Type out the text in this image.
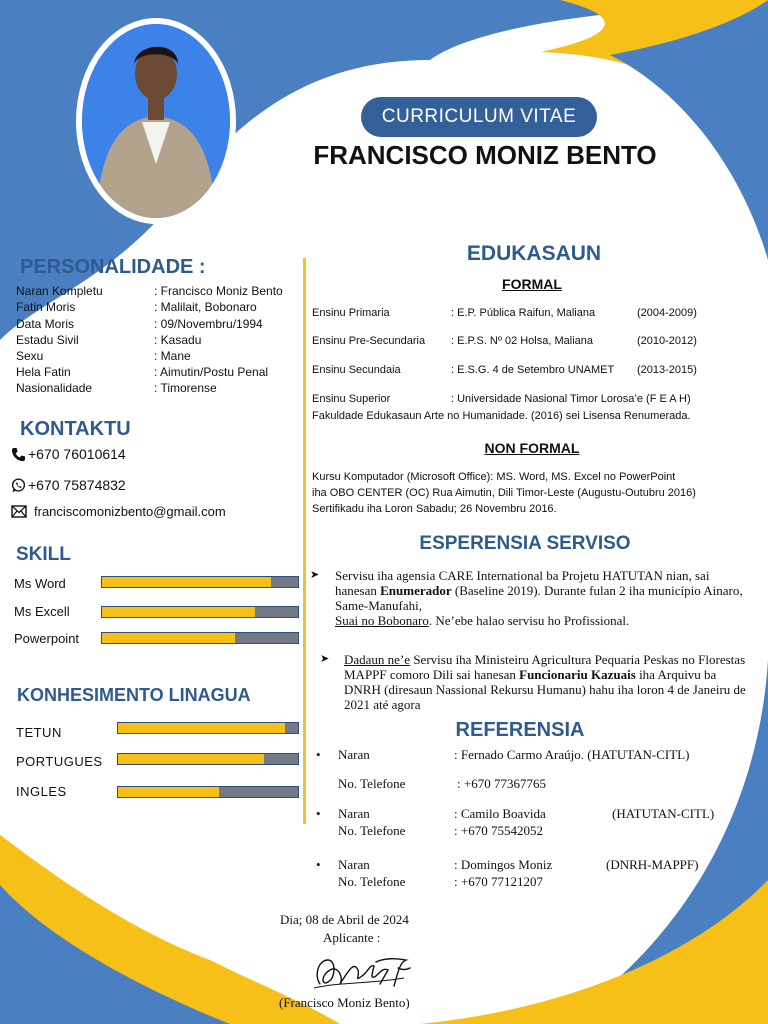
CURRICULUM VITAE
FRANCISCO MONIZ BENTO
PERSONALIDADE :
Naran Kompletu	: Francisco Moniz Bento
Fatin Moris	: Malilait, Bobonaro
Data Moris	: 09/Novembru/1994
Estadu Sivil	: Kasadu
Sexu	: Mane
Hela Fatin	: Aimutin/Postu Penal
Nasionalidade	: Timorense
KONTAKTU
+670 76010614
+670 75874832
franciscomonizbento@gmail.com
SKILL
Ms Word
Ms Excell
Powerpoint
KONHESIMENTO LINAGUA
TETUN
PORTUGUES
INGLES
EDUKASAUN
FORMAL
Ensinu Primaria	: E.P. Pública Raifun, Maliana	(2004-2009)
Ensinu Pre-Secundaria : E.P.S. Nº 02 Holsa, Maliana	(2010-2012)
Ensinu Secundaia	: E.S.G. 4 de Setembro UNAMET (2013-2015)
Ensinu Superior	: Universidade Nasional Timor Lorosa’e (F E A H)
Fakuldade Edukasaun Arte no Humanidade. (2016) sei Lisensa Renumerada.
NON FORMAL
Kursu Komputador (Microsoft Office): MS. Word, MS. Excel no PowerPoint
iha OBO CENTER (OC) Rua Aimutin, Dili Timor-Leste (Augustu-Outubru 2016)
Sertifikadu iha Loron Sabadu; 26 Novembru 2016.
ESPERENSIA SERVISO
➤ Servisu iha agensia CARE International ba Projetu HATUTAN nian, sai hanesan Enumerador (Baseline 2019). Durante fulan 2 iha município Ainaro, Same-Manufahi,
Suai no Bobonaro. Ne’ebe halao servisu ho Profissional.
➤ Dadaun ne’e Servisu iha Ministeiru Agricultura Pequaria Peskas no Florestas MAPPF comoro Dili sai hanesan Funcionariu Kazuais iha Arquivu ba DNRH (diresaun Nassional Rekursu Humanu) hahu iha loron 4 de Janeiru de 2021 até agora
REFERENSIA
• Naran	: Fernado Carmo Araújo. (HATUTAN-CITL)
No. Telefone	: +670 77367765
• Naran	: Camilo Boavida	(HATUTAN-CITL)
No. Telefone	: +670 75542052
• Naran	: Domingos Moniz	(DNRH-MAPPF)
No. Telefone	: +670 77121207
Dia; 08 de Abril de 2024
Aplicante :
(Francisco Moniz Bento)
